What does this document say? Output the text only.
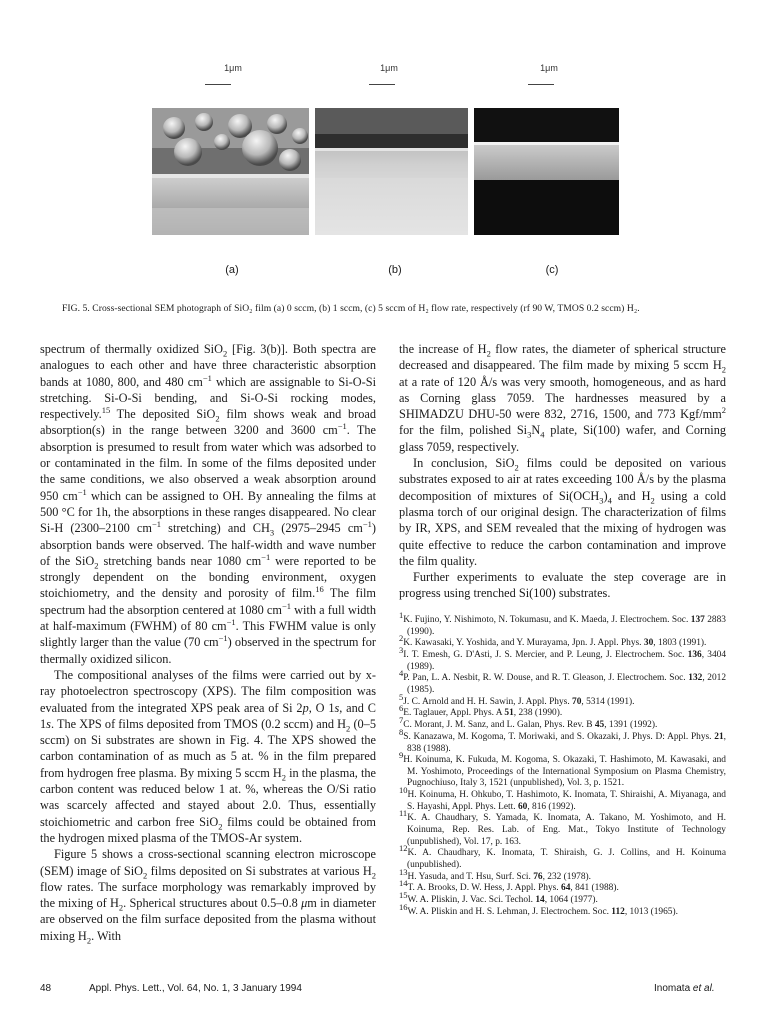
1μm	1μm	1μm
(a)	(b)	(c)
FIG. 5. Cross-sectional SEM photograph of SiO₂ film (a) 0 sccm, (b) 1 sccm, (c) 5 sccm of H₂ flow rate, respectively (rf 90 W, TMOS 0.2 sccm) H₂.

spectrum of thermally oxidized SiO$_2$ [Fig. 3(b)]. Both spectra are analogues to each other and have three characteristic absorption bands at 1080, 800, and 480 $cm^{-1}$ which are assignable to Si-O-Si stretching. Si-O-Si bending, and Si-O-Si rocking modes, respectively.$^{15}$ The deposited SiO$_2$ film shows weak and broad absorption(s) in the range between 3200 and 3600 $cm^{-1}$. The absorption is presumed to result from water which was adsorbed to or contaminated in the film. In some of the films deposited under the same conditions, we also observed a weak absorption around 950 $cm^{-1}$ which can be assigned to OH. By annealing the films at 500 °C for 1h, the absorptions in these ranges disappeared. No clear Si-H (2300–2100 $cm^{-1}$ stretching) and $CH_3$ (2975–2945 $cm^{-1}$) absorption bands were observed. The half-width and wave number of the SiO$_2$ stretching bands near 1080 $cm^{-1}$ were reported to be strongly dependent on the bonding environment, oxygen stoichiometry, and the density and porosity of film.$^{16}$ The film spectrum had the absorption centered at 1080 $cm^{-1}$ with a full width at half-maximum (FWHM) of 80 $cm^{-1}$. This FWHM value is only slightly larger than the value (70 $cm^{-1}$) observed in the spectrum for thermally oxidized silicon.

The compositional analyses of the films were carried out by x-ray photoelectron spectroscopy (XPS). The film composition was evaluated from the integrated XPS peak area of Si 2p, O 1s, and C 1s. The XPS of films deposited from TMOS (0.2 sccm) and $H_2$ (0–5 sccm) on Si substrates are shown in Fig. 4. The XPS showed the carbon contamination of as much as 5 at. % in the film prepared from hydrogen free plasma. By mixing 5 sccm $H_2$ in the plasma, the carbon content was reduced below 1 at. %, whereas the O/Si ratio was scarcely affected and stayed about 2.0. Thus, essentially stoichiometric and carbon free SiO$_2$ films could be obtained from the hydrogen mixed plasma of the TMOS-Ar system.

Figure 5 shows a cross-sectional scanning electron microscope (SEM) image of SiO$_2$ films deposited on Si substrates at various $H_2$ flow rates. The surface morphology was remarkably improved by the mixing of $H_2$. Spherical structures about 0.5–0.8 μm in diameter are observed on the film surface deposited from the plasma without mixing $H_2$. With

the increase of $H_2$ flow rates, the diameter of spherical structure decreased and disappeared. The film made by mixing 5 sccm $H_2$ at a rate of 120 Å/s was very smooth, homogeneous, and as hard as Corning glass 7059. The hardnesses measured by a SHIMADZU DHU-50 were 832, 2716, 1500, and 773 Kgf/$mm^2$ for the film, polished $Si_3N_4$ plate, Si(100) wafer, and Corning glass 7059, respectively.

In conclusion, SiO$_2$ films could be deposited on various substrates exposed to air at rates exceeding 100 Å/s by the plasma decomposition of mixtures of $Si(OCH_3)_4$ and $H_2$ using a cold plasma torch of our original design. The characterization of films by IR, XPS, and SEM revealed that the mixing of hydrogen was quite effective to reduce the carbon contamination and improve the film quality.

Further experiments to evaluate the step coverage are in progress using trenched Si(100) substrates.

$^1$K. Fujino, Y. Nishimoto, N. Tokumasu, and K. Maeda, J. Electrochem. Soc. 137 2883 (1990).

$^2$K. Kawasaki, Y. Yoshida, and Y. Murayama, Jpn. J. Appl. Phys. 30, 1803 (1991).

$^3$I. T. Emesh, G. D'Asti, J. S. Mercier, and P. Leung, J. Electrochem. Soc. 136, 3404 (1989).

$^4$P. Pan, L. A. Nesbit, R. W. Douse, and R. T. Gleason, J. Electrochem. Soc. 132, 2012 (1985).

$^5$J. C. Arnold and H. H. Sawin, J. Appl. Phys. 70, 5314 (1991).

$^6$E. Taglauer, Appl. Phys. A 51, 238 (1990).

$^7$C. Morant, J. M. Sanz, and L. Galan, Phys. Rev. B 45, 1391 (1992).

$^8$S. Kanazawa, M. Kogoma, T. Moriwaki, and S. Okazaki, J. Phys. D: Appl. Phys. 21, 838 (1988).

$^9$H. Koinuma, K. Fukuda, M. Kogoma, S. Okazaki, T. Hashimoto, M. Kawasaki, and M. Yoshimoto, Proceedings of the International Symposium on Plasma Chemistry, Pugnochiuso, Italy 3, 1521 (unpublished), Vol. 3, p. 1521.

$^{10}$H. Koinuma, H. Ohkubo, T. Hashimoto, K. Inomata, T. Shiraishi, A. Miyanaga, and S. Hayashi, Appl. Phys. Lett. 60, 816 (1992).

$^{11}$K. A. Chaudhary, S. Yamada, K. Inomata, A. Takano, M. Yoshimoto, and H. Koinuma, Rep. Res. Lab. of Eng. Mat., Tokyo Institute of Technology (unpublished), Vol. 17, p. 163.

$^{12}$K. A. Chaudhary, K. Inomata, T. Shiraish, G. J. Collins, and H. Koinuma (unpublished).

$^{13}$H. Yasuda, and T. Hsu, Surf. Sci. 76, 232 (1978).

$^{14}$T. A. Brooks, D. W. Hess, J. Appl. Phys. 64, 841 (1988).

$^{15}$W. A. Pliskin, J. Vac. Sci. Techol. 14, 1064 (1977).

$^{16}$W. A. Pliskin and H. S. Lehman, J. Electrochem. Soc. 112, 1013 (1965).

48	Appl. Phys. Lett., Vol. 64, No. 1, 3 January 1994	Inomata et al.
